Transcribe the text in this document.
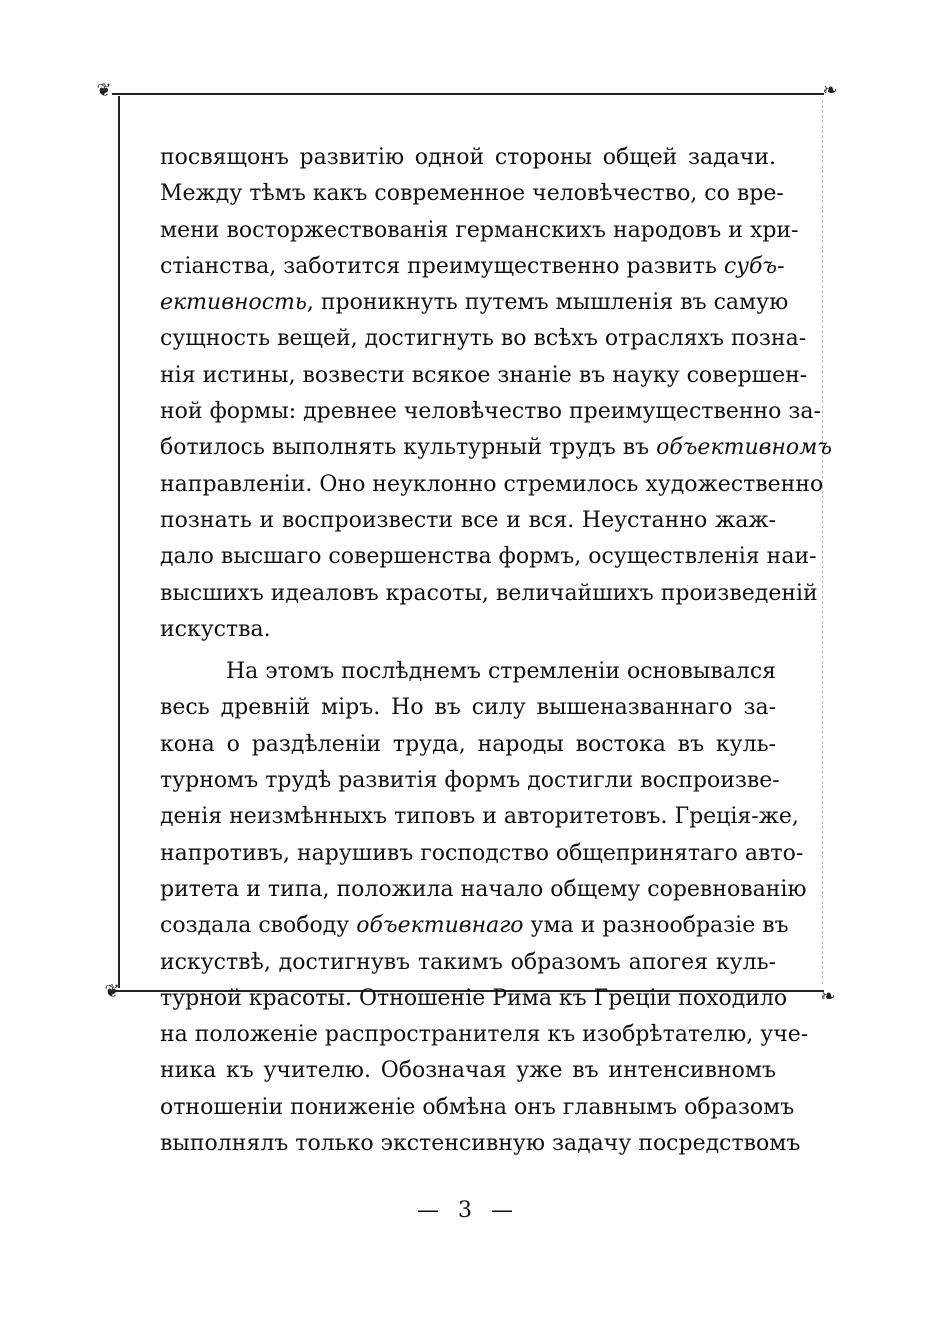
❦	❧
❦	❧
посвящонъ развитію одной стороны общей задачи.
Между тѣмъ какъ современное человѣчество, со вре-
мени восторжествованія германскихъ народовъ и хри-
стіанства, заботится преимущественно развить субъ-
ективность, проникнуть путемъ мышленія въ самую
сущность вещей, достигнуть во всѣхъ отрасляхъ позна-
нія истины, возвести всякое знаніе въ науку совершен-
ной формы: древнее человѣчество преимущественно за-
ботилось выполнять культурный трудъ въ объективномъ
направленіи. Оно неуклонно стремилось художественно
познать и воспроизвести все и вся. Неустанно жаж-
дало высшаго совершенства формъ, осуществленія наи-
высшихъ идеаловъ красоты, величайшихъ произведеній
искуства.
На этомъ послѣднемъ стремленіи основывался
весь древній міръ. Но въ силу вышеназваннаго за-
кона о раздѣленіи труда, народы востока въ куль-
турномъ трудѣ развитія формъ достигли воспроизве-
денія неизмѣнныхъ типовъ и авторитетовъ. Греція-же,
напротивъ, нарушивъ господство общепринятаго авто-
ритета и типа, положила начало общему соревнованію
создала свободу объективнаго ума и разнообразіе въ
искуствѣ, достигнувъ такимъ образомъ апогея куль-
турной красоты. Отношеніе Рима къ Греціи походило
на положеніе распространителя къ изобрѣтателю, уче-
ника къ учителю. Обозначая уже въ интенсивномъ
отношеніи пониженіе обмѣна онъ главнымъ образомъ
выполнялъ только экстенсивную задачу посредствомъ
— 3 —
